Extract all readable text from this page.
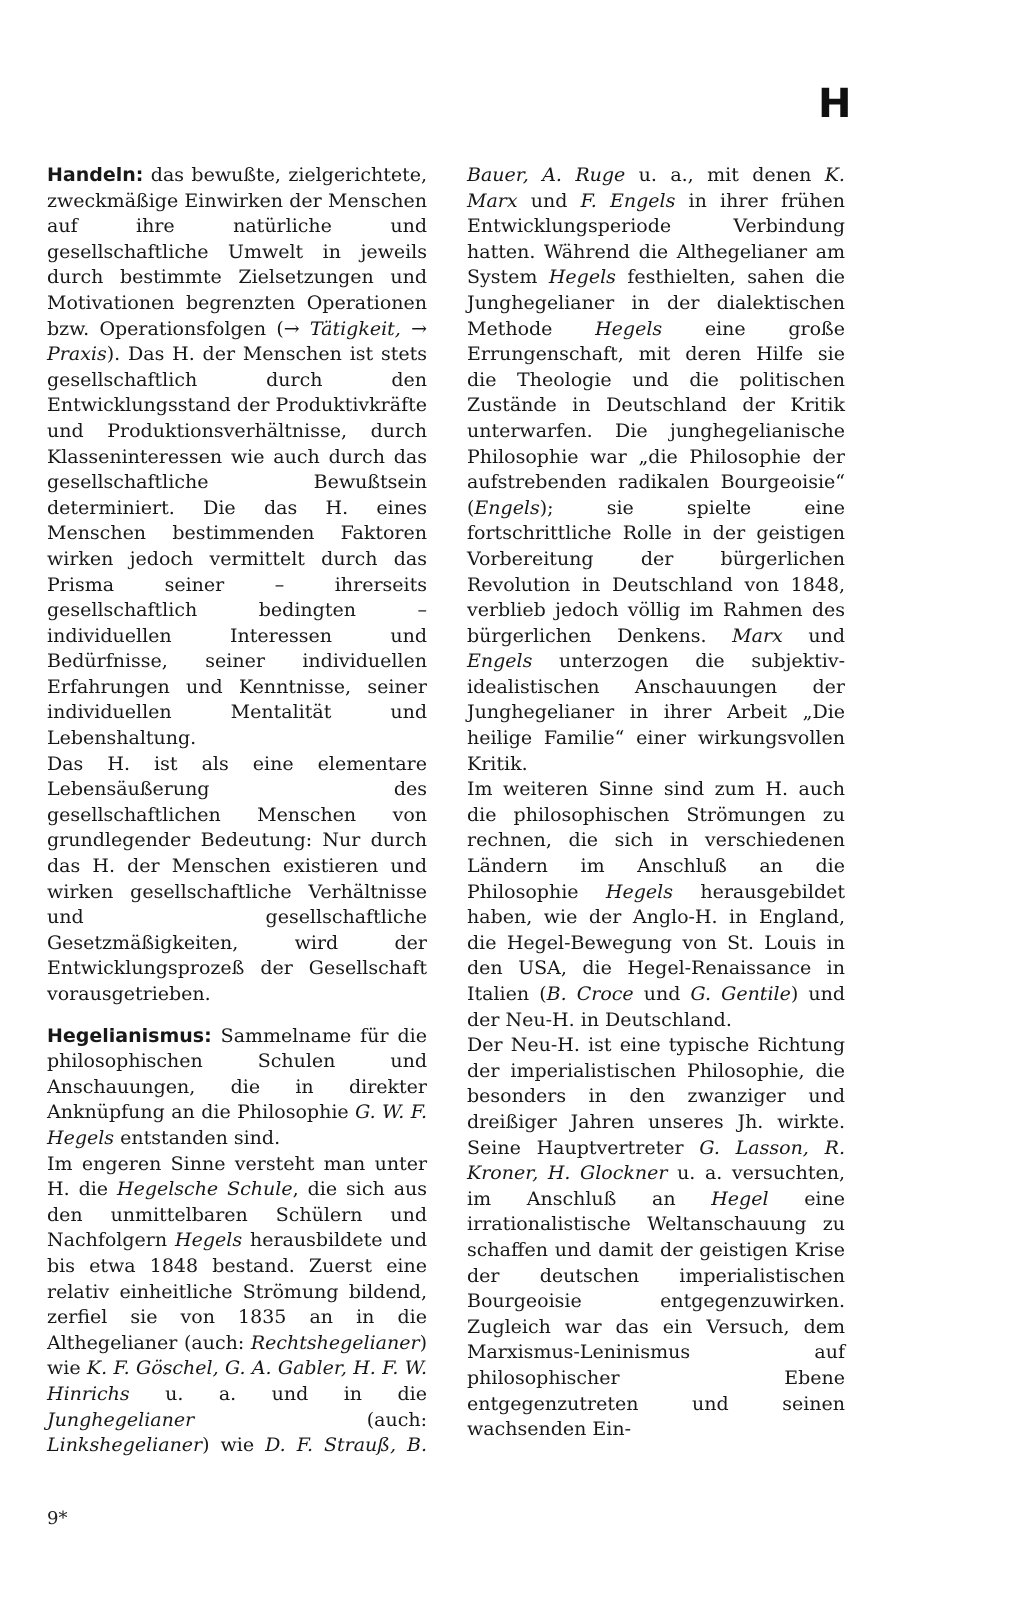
H

Handeln: das bewußte, zielgerichtete, zweckmäßige Einwirken der Menschen auf ihre natürliche und gesellschaftliche Umwelt in jeweils durch bestimmte Zielsetzungen und Motivationen begrenzten Operationen bzw. Operationsfolgen (→ Tätigkeit, → Praxis). Das H. der Menschen ist stets gesellschaftlich durch den Entwicklungsstand der Produktivkräfte und Produktionsverhältnisse, durch Klasseninteressen wie auch durch das gesellschaftliche Bewußtsein determiniert. Die das H. eines Menschen bestimmenden Faktoren wirken jedoch vermittelt durch das Prisma seiner – ihrerseits gesellschaftlich bedingten – individuellen Interessen und Bedürfnisse, seiner individuellen Erfahrungen und Kenntnisse, seiner individuellen Mentalität und Lebenshaltung.

Das H. ist als eine elementare Lebensäußerung des gesellschaftlichen Menschen von grundlegender Bedeutung: Nur durch das H. der Menschen existieren und wirken gesellschaftliche Verhältnisse und gesellschaftliche Gesetzmäßigkeiten, wird der Entwicklungsprozeß der Gesellschaft vorausgetrieben.

Hegelianismus: Sammelname für die philosophischen Schulen und Anschauungen, die in direkter Anknüpfung an die Philosophie G. W. F. Hegels entstanden sind.

Im engeren Sinne versteht man unter H. die Hegelsche Schule, die sich aus den unmittelbaren Schülern und Nachfolgern Hegels herausbildete und bis etwa 1848 bestand. Zuerst eine relativ einheitliche Strömung bildend, zerfiel sie von 1835 an in die Althegelianer (auch: Rechtshegelianer) wie K. F. Göschel, G. A. Gabler, H. F. W. Hinrichs u. a. und in die Junghegelianer	(auch: Linkshegelianer) wie D. F. Strauß, B.

Bauer, A. Ruge u. a., mit denen K. Marx und F. Engels in ihrer frühen Entwicklungsperiode	Verbindung hatten. Während die Althegelianer am System Hegels festhielten, sahen die Junghegelianer in der dialektischen Methode Hegels eine große Errungenschaft, mit deren Hilfe sie die Theologie und die politischen Zustände in Deutschland der Kritik unterwarfen. Die junghegelianische Philosophie war „die Philosophie der aufstrebenden radikalen Bourgeoisie“ (Engels);	sie	spielte	eine fortschrittliche Rolle in der geistigen Vorbereitung der bürgerlichen Revolution in Deutschland von 1848, verblieb jedoch völlig im Rahmen des bürgerlichen Denkens. Marx und Engels unterzogen die subjektiv-idealistischen Anschauungen der Junghegelianer in ihrer Arbeit „Die heilige Familie“ einer wirkungsvollen Kritik.

Im weiteren Sinne sind zum H. auch die philosophischen Strömungen zu rechnen, die sich in verschiedenen Ländern im Anschluß an die Philosophie Hegels herausgebildet haben, wie der Anglo-H. in England, die Hegel-Bewegung von St. Louis in den USA, die Hegel-Renaissance in Italien (B. Croce und G. Gentile) und der Neu-H. in Deutschland.

Der Neu-H. ist eine typische Richtung der imperialistischen Philosophie, die besonders in den zwanziger und dreißiger Jahren unseres Jh. wirkte. Seine Hauptvertreter G. Lasson, R. Kroner, H. Glockner u. a. versuchten, im Anschluß an Hegel eine irrationalistische Weltanschauung zu schaffen und damit der geistigen Krise der deutschen imperialistischen Bourgeoisie entgegenzuwirken. Zugleich war das ein Versuch, dem Marxismus-Leninismus auf philosophischer Ebene entgegenzutreten und seinen wachsenden Ein-

9*
